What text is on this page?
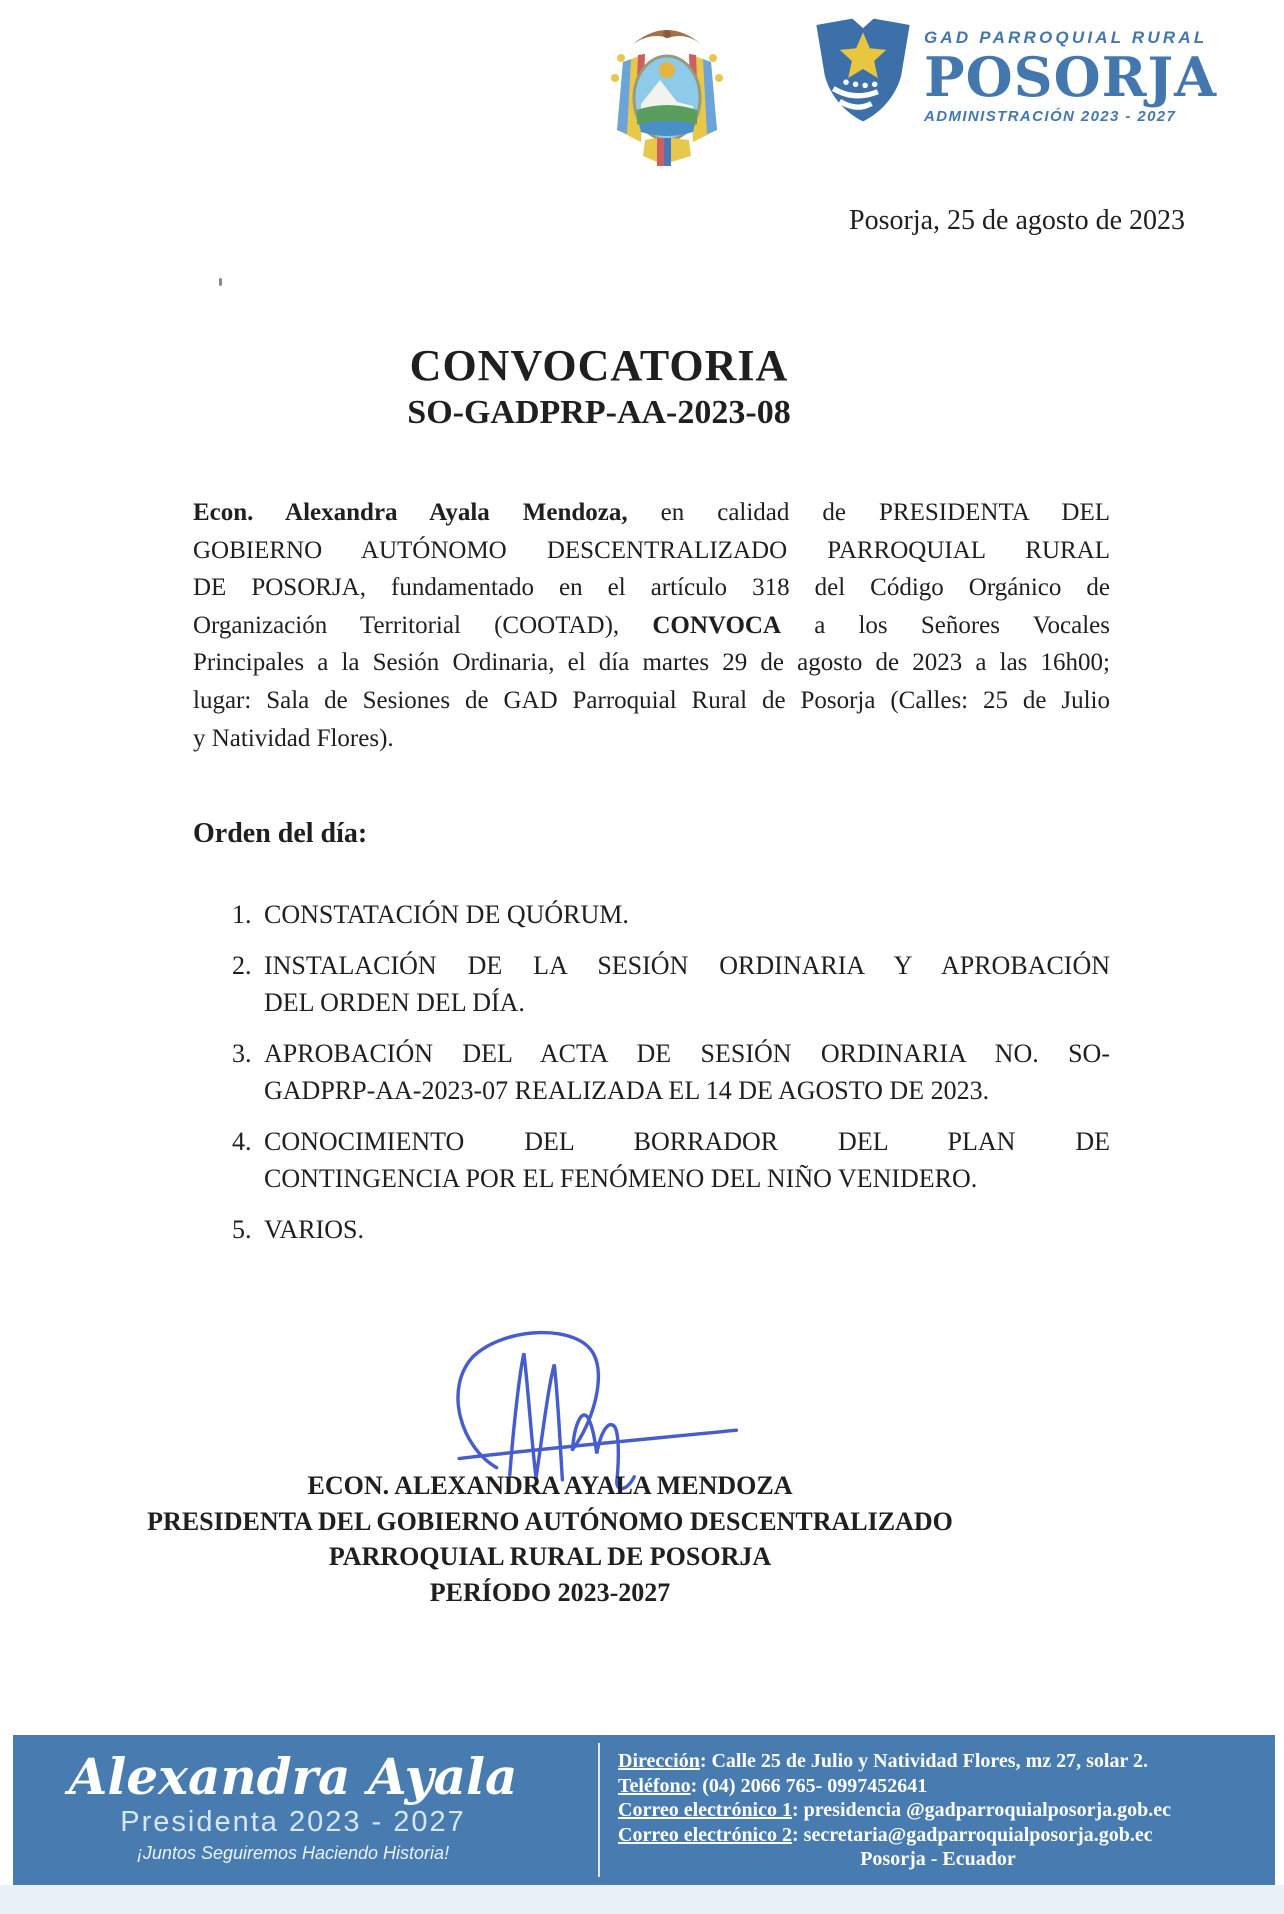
GAD PARROQUIAL RURAL
POSORJA
ADMINISTRACIÓN 2023 - 2027
Posorja, 25 de agosto de 2023
CONVOCATORIA
SO-GADPRP-AA-2023-08
Econ. Alexandra Ayala Mendoza, en calidad de PRESIDENTA DEL
GOBIERNO AUTÓNOMO DESCENTRALIZADO PARROQUIAL RURAL
DE POSORJA, fundamentado en el artículo 318 del Código Orgánico de
Organización Territorial (COOTAD), CONVOCA a los Señores Vocales
Principales a la Sesión Ordinaria, el día martes 29 de agosto de 2023 a las 16h00;
lugar: Sala de Sesiones de GAD Parroquial Rural de Posorja (Calles: 25 de Julio
y Natividad Flores).
Orden del día:
1. CONSTATACIÓN DE QUÓRUM.
2. INSTALACIÓN DE LA SESIÓN ORDINARIA Y APROBACIÓN
DEL ORDEN DEL DÍA.
3. APROBACIÓN DEL ACTA DE SESIÓN ORDINARIA NO. SO-
GADPRP-AA-2023-07 REALIZADA EL 14 DE AGOSTO DE 2023.
4. CONOCIMIENTO DEL BORRADOR DEL PLAN DE
CONTINGENCIA POR EL FENÓMENO DEL NIÑO VENIDERO.
5. VARIOS.
ECON. ALEXANDRA AYALA MENDOZA
PRESIDENTA DEL GOBIERNO AUTÓNOMO DESCENTRALIZADO
PARROQUIAL RURAL DE POSORJA
PERÍODO 2023-2027
Alexandra Ayala
Presidenta 2023 - 2027
¡Juntos Seguiremos Haciendo Historia!
Dirección: Calle 25 de Julio y Natividad Flores, mz 27, solar 2.
Teléfono: (04) 2066 765- 0997452641
Correo electrónico 1: presidencia @gadparroquialposorja.gob.ec
Correo electrónico 2: secretaria@gadparroquialposorja.gob.ec
Posorja - Ecuador
